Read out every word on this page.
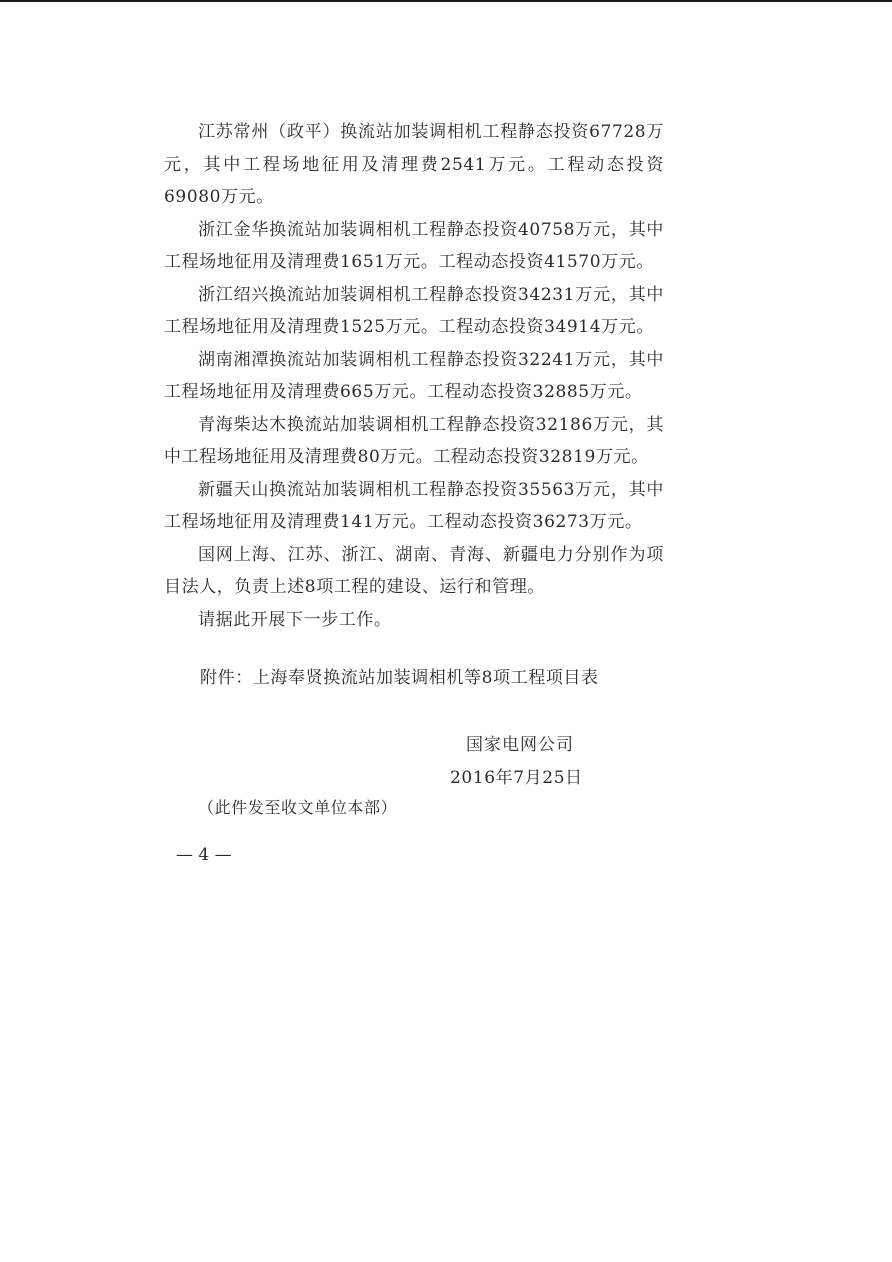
江苏常州（政平）换流站加装调相机工程静态投资67728万元，其中工程场地征用及清理费2541万元。工程动态投资69080万元。

浙江金华换流站加装调相机工程静态投资40758万元，其中工程场地征用及清理费1651万元。工程动态投资41570万元。

浙江绍兴换流站加装调相机工程静态投资34231万元，其中工程场地征用及清理费1525万元。工程动态投资34914万元。

湖南湘潭换流站加装调相机工程静态投资32241万元，其中工程场地征用及清理费665万元。工程动态投资32885万元。

青海柴达木换流站加装调相机工程静态投资32186万元，其中工程场地征用及清理费80万元。工程动态投资32819万元。

新疆天山换流站加装调相机工程静态投资35563万元，其中工程场地征用及清理费141万元。工程动态投资36273万元。

国网上海、江苏、浙江、湖南、青海、新疆电力分别作为项目法人，负责上述8项工程的建设、运行和管理。

请据此开展下一步工作。

附件：上海奉贤换流站加装调相机等8项工程项目表
国家电网公司
2016年7月25日
（此件发至收文单位本部）
— 4 —
